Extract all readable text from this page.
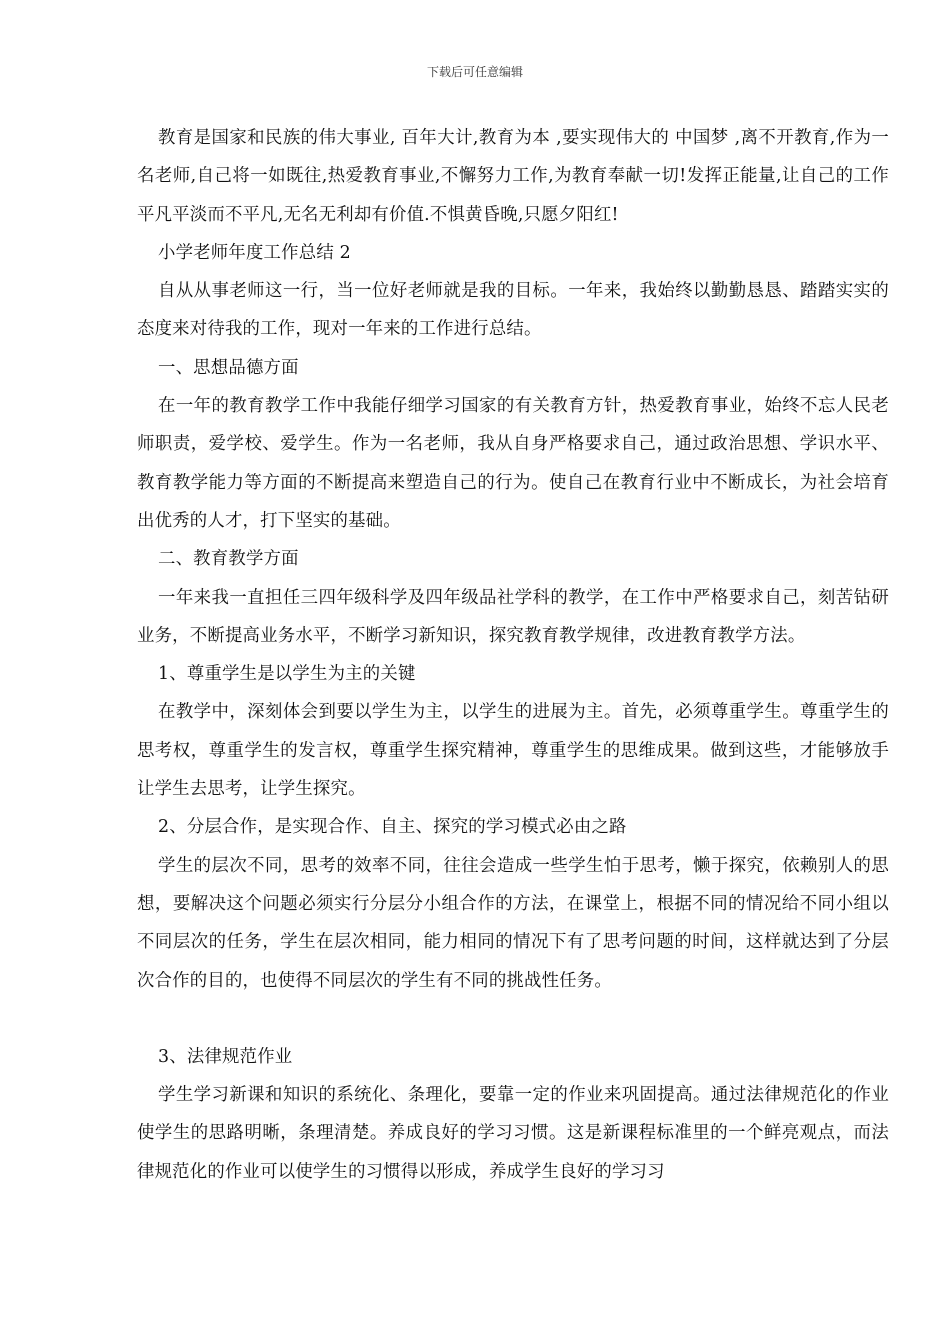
下载后可任意编辑

教育是国家和民族的伟大事业, 百年大计,教育为本 ,要实现伟大的 中国梦 ,离不开教育,作为一名老师,自己将一如既往,热爱教育事业,不懈努力工作,为教育奉献一切!发挥正能量,让自己的工作平凡平淡而不平凡,无名无利却有价值.不惧黄昏晚,只愿夕阳红!

小学老师年度工作总结 2

自从从事老师这一行，当一位好老师就是我的目标。一年来，我始终以勤勤恳恳、踏踏实实的态度来对待我的工作，现对一年来的工作进行总结。

一、思想品德方面

在一年的教育教学工作中我能仔细学习国家的有关教育方针，热爱教育事业，始终不忘人民老师职责，爱学校、爱学生。作为一名老师，我从自身严格要求自己，通过政治思想、学识水平、教育教学能力等方面的不断提高来塑造自己的行为。使自己在教育行业中不断成长，为社会培育出优秀的人才，打下坚实的基础。

二、教育教学方面

一年来我一直担任三四年级科学及四年级品社学科的教学，在工作中严格要求自己，刻苦钻研业务，不断提高业务水平，不断学习新知识，探究教育教学规律，改进教育教学方法。

1、尊重学生是以学生为主的关键

在教学中，深刻体会到要以学生为主，以学生的进展为主。首先，必须尊重学生。尊重学生的思考权，尊重学生的发言权，尊重学生探究精神，尊重学生的思维成果。做到这些，才能够放手让学生去思考，让学生探究。

2、分层合作，是实现合作、自主、探究的学习模式必由之路

学生的层次不同，思考的效率不同，往往会造成一些学生怕于思考，懒于探究，依赖别人的思想，要解决这个问题必须实行分层分小组合作的方法，在课堂上，根据不同的情况给不同小组以不同层次的任务，学生在层次相同，能力相同的情况下有了思考问题的时间，这样就达到了分层次合作的目的，也使得不同层次的学生有不同的挑战性任务。

3、法律规范作业

学生学习新课和知识的系统化、条理化，要靠一定的作业来巩固提高。通过法律规范化的作业使学生的思路明晰，条理清楚。养成良好的学习习惯。这是新课程标准里的一个鲜亮观点，而法律规范化的作业可以使学生的习惯得以形成，养成学生良好的学习习
